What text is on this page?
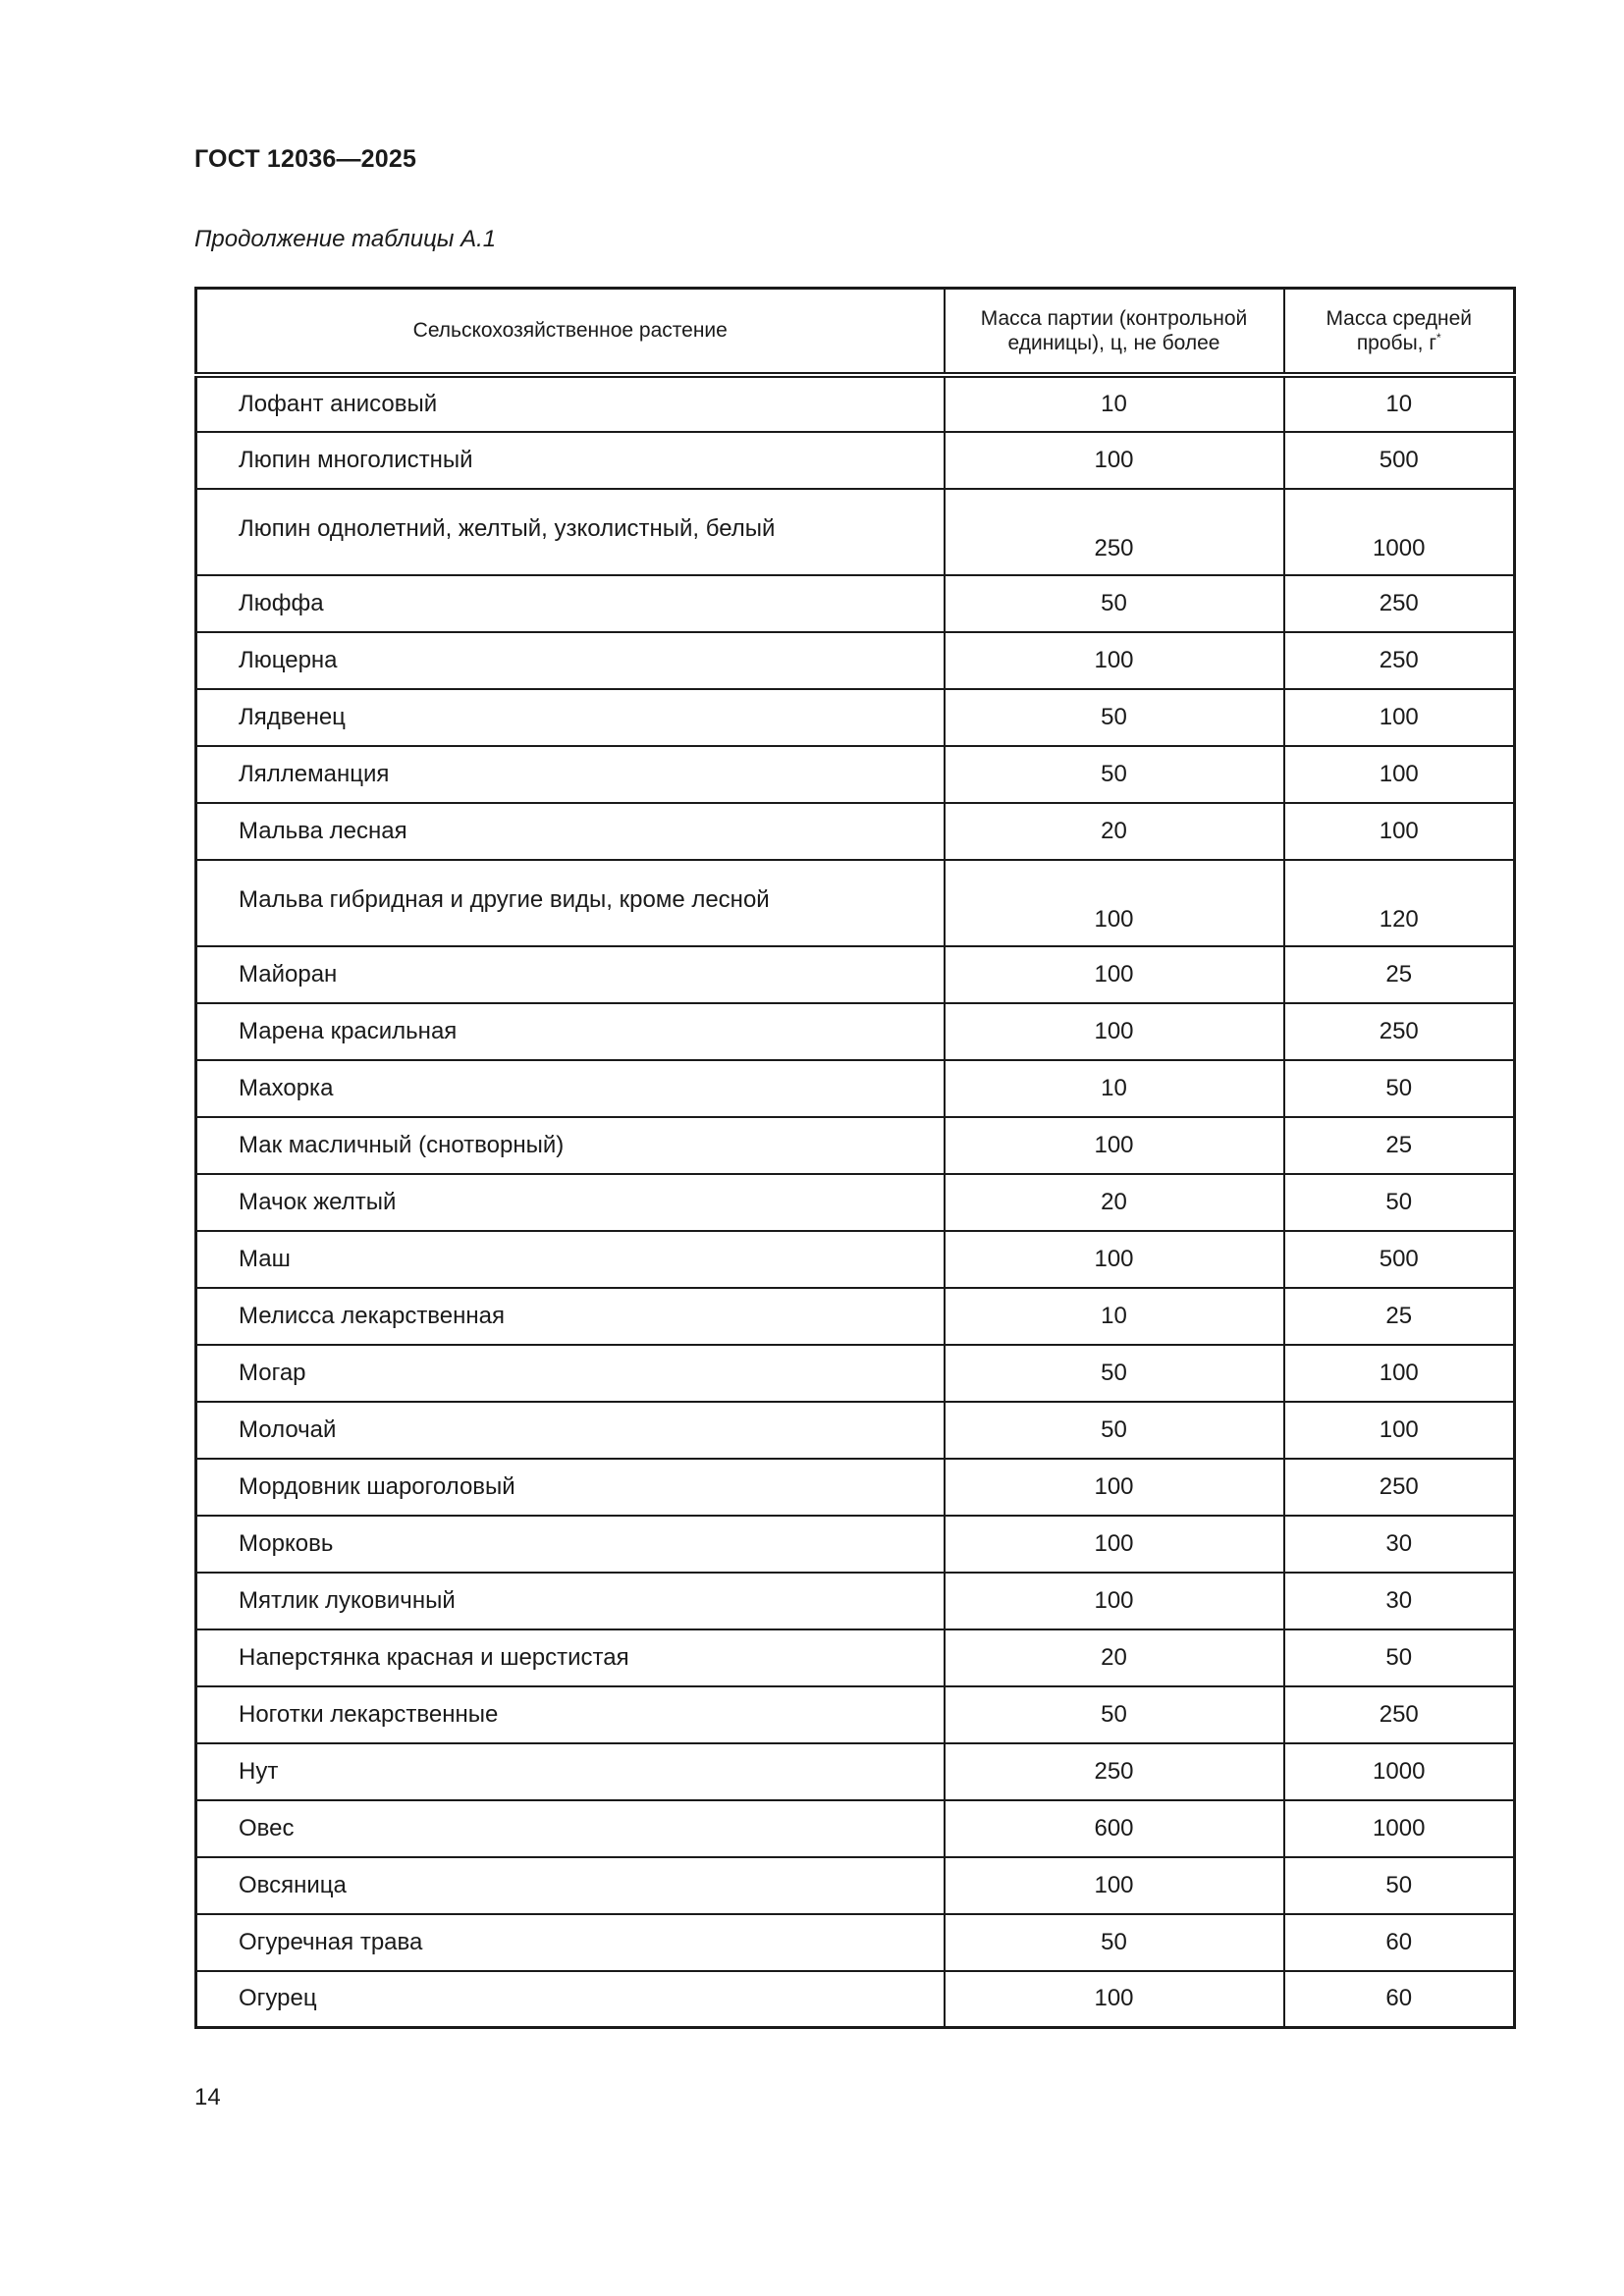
ГОСТ 12036—2025
Продолжение таблицы А.1
Сельскохозяйственное растение	Масса партии (контрольной единицы), ц, не более	Масса средней пробы, г*
Лофант анисовый	10	10
Люпин многолистный	100	500
Люпин однолетний, желтый, узколистный, белый	250	1000
Люффа	50	250
Люцерна	100	250
Лядвенец	50	100
Ляллеманция	50	100
Мальва лесная	20	100
Мальва гибридная и другие виды, кроме лесной	100	120
Майоран	100	25
Марена красильная	100	250
Махорка	10	50
Мак масличный (снотворный)	100	25
Мачок желтый	20	50
Маш	100	500
Мелисса лекарственная	10	25
Могар	50	100
Молочай	50	100
Мордовник шароголовый	100	250
Морковь	100	30
Мятлик луковичный	100	30
Наперстянка красная и шерстистая	20	50
Ноготки лекарственные	50	250
Нут	250	1000
Овес	600	1000
Овсяница	100	50
Огуречная трава	50	60
Огурец	100	60
14
